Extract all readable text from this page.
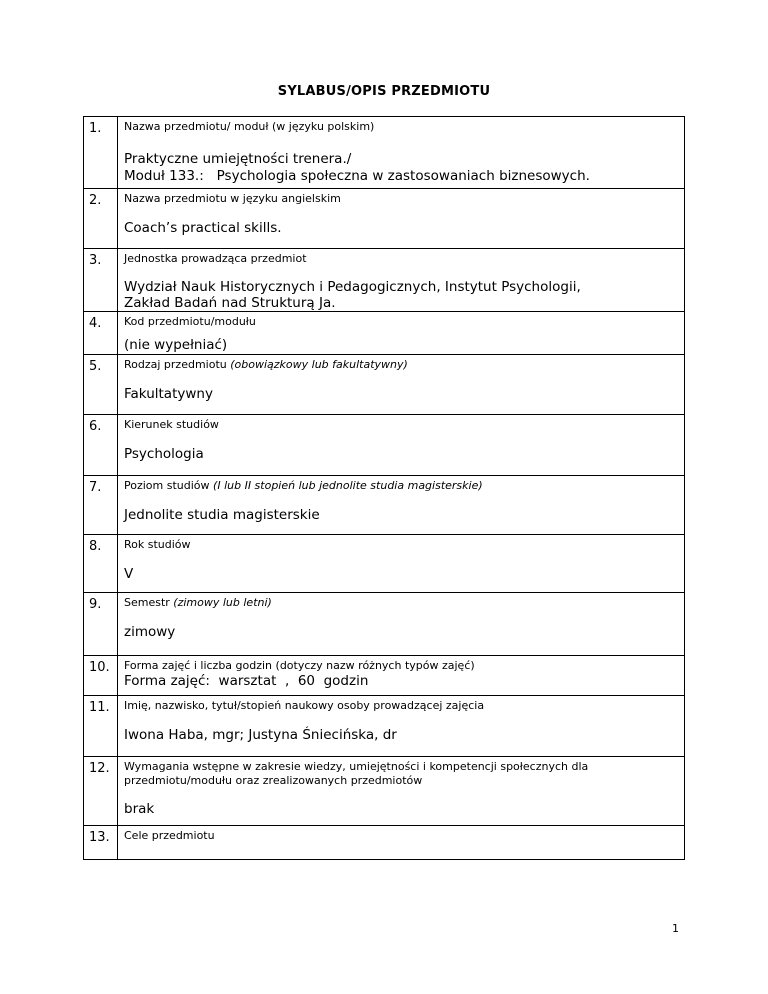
SYLABUS/OPIS PRZEDMIOTU
1.	Nazwa przedmiotu/ moduł (w języku polskim)
Praktyczne umiejętności trenera./
Moduł 133.:   Psychologia społeczna w zastosowaniach biznesowych.

2.	Nazwa przedmiotu w języku angielskim
Coach’s practical skills.

3.	Jednostka prowadząca przedmiot
Wydział Nauk Historycznych i Pedagogicznych, Instytut Psychologii,
Zakład Badań nad Strukturą Ja.

4.	Kod przedmiotu/modułu
(nie wypełniać)

5.	Rodzaj przedmiotu (obowiązkowy lub fakultatywny)
Fakultatywny

6.	Kierunek studiów
Psychologia

7.	Poziom studiów (I lub II stopień lub jednolite studia magisterskie)
Jednolite studia magisterskie

8.	Rok studiów
V

9.	Semestr (zimowy lub letni)
zimowy

10.	Forma zajęć i liczba godzin (dotyczy nazw różnych typów zajęć)
Forma zajęć:  warsztat  ,  60  godzin

11.	Imię, nazwisko, tytuł/stopień naukowy osoby prowadzącej zajęcia
Iwona Haba, mgr; Justyna Śniecińska, dr

12.	Wymagania wstępne w zakresie wiedzy, umiejętności i kompetencji społecznych dla
przedmiotu/modułu oraz zrealizowanych przedmiotów
brak

13.	Cele przedmiotu
1
